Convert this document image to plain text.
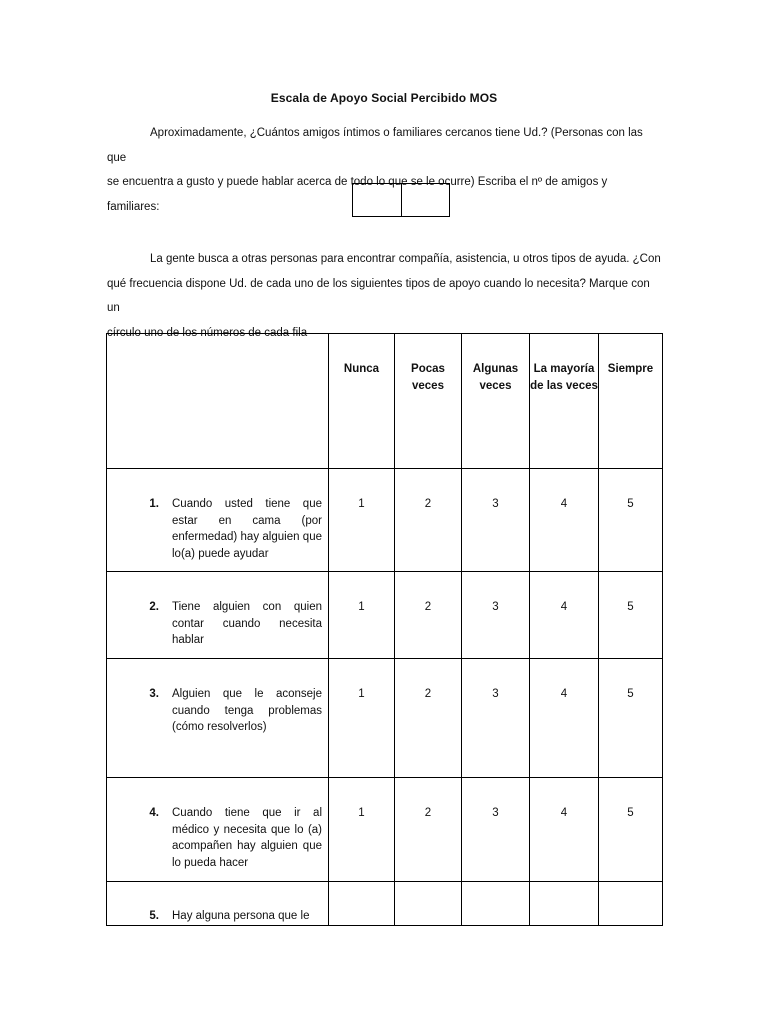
Escala de Apoyo Social Percibido MOS
Aproximadamente, ¿Cuántos amigos íntimos o familiares cercanos tiene Ud.? (Personas con las que
se encuentra a gusto y puede hablar acerca de todo lo que se le ocurre) Escriba el nº de amigos y familiares:
La gente busca a otras personas para encontrar compañía, asistencia, u otros tipos de ayuda. ¿Con
qué frecuencia dispone Ud. de cada uno de los siguientes tipos de apoyo cuando lo necesita? Marque con un
círculo uno de los números de cada fila
	Nunca	Pocas veces	Algunas veces	La mayoría de las veces	Siempre

1. Cuando usted tiene que estar en cama (por enfermedad) hay alguien que lo(a) puede ayudar	1	2	3	4	5

2. Tiene alguien con quien contar cuando necesita hablar	1	2	3	4	5

3. Alguien que le aconseje cuando tenga problemas (cómo resolverlos)	1	2	3	4	5

4. Cuando tiene que ir al médico y necesita que lo (a) acompañen hay alguien que lo pueda hacer	1	2	3	4	5

5. Hay alguna persona que le					
